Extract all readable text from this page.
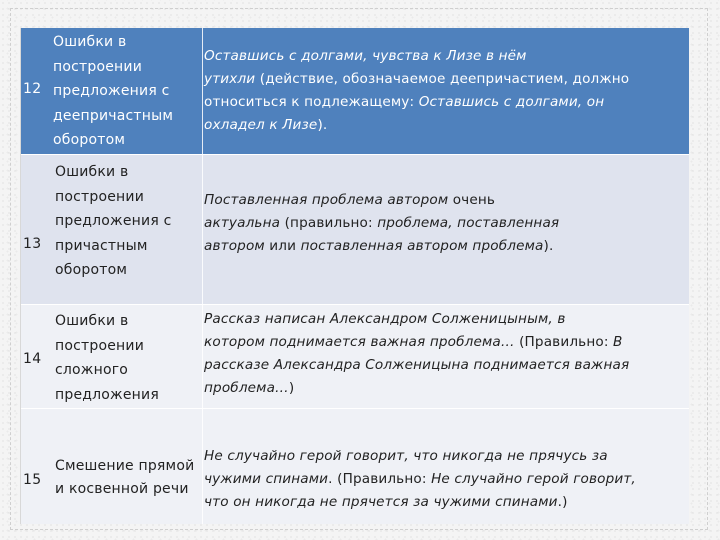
12
Ошибки в
построении
предложения с
деепричастным
оборотом
Оставшись с долгами, чувства к Лизе в нём
утихли (действие, обозначаемое деепричастием, должно
относиться к подлежащему: Оставшись с долгами, он
охладел к Лизе).
13
Ошибки в
построении
предложения с
причастным
оборотом
Поставленная проблема автором очень
актуальна (правильно: проблема, поставленная
автором или поставленная автором проблема).
14
Ошибки в
построении
сложного
предложения
Рассказ написан Александром Солженицыным, в
котором поднимается важная проблема… (Правильно: В
рассказе Александра Солженицына поднимается важная
проблема…)
15
Смешение прямой
и косвенной речи
Не случайно герой говорит, что никогда не прячусь за
чужими спинами. (Правильно: Не случайно герой говорит,
что он никогда не прячется за чужими спинами.)
